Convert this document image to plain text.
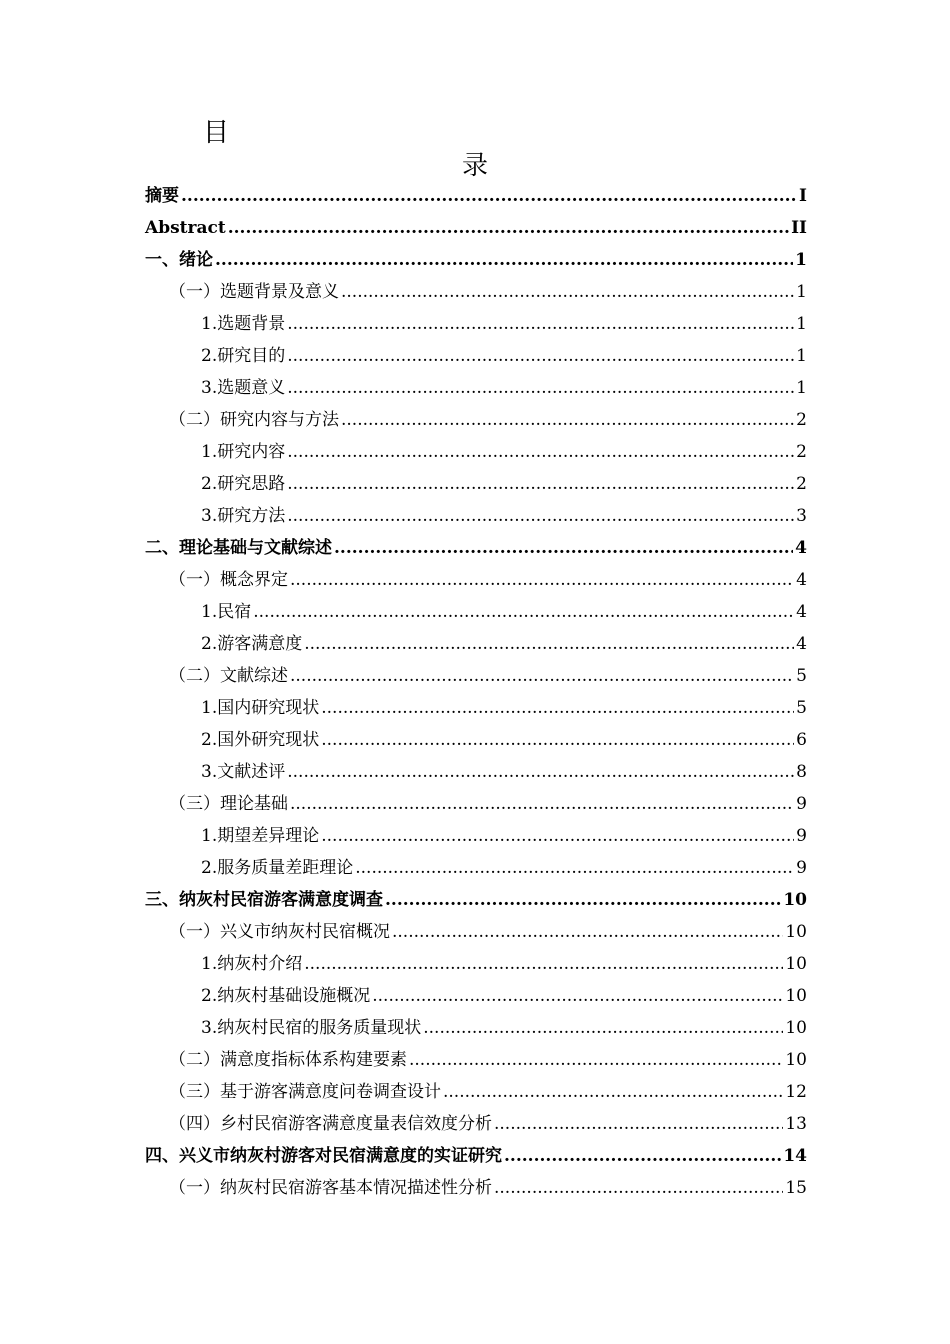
目
录
摘要 .....	I
Abstract .....	II
一、绪论 .....	1
（一）选题背景及意义 .....	1
1.选题背景 .....	1
2.研究目的 .....	1
3.选题意义 .....	1
（二）研究内容与方法 .....	2
1.研究内容 .....	2
2.研究思路 .....	2
3.研究方法 .....	3
二、理论基础与文献综述 .....	4
（一）概念界定 .....	4
1.民宿 .....	4
2.游客满意度 .....	4
（二）文献综述 .....	5
1.国内研究现状 .....	5
2.国外研究现状 .....	6
3.文献述评 .....	8
（三）理论基础 .....	9
1.期望差异理论 .....	9
2.服务质量差距理论 .....	9
三、纳灰村民宿游客满意度调查 .....	10
（一）兴义市纳灰村民宿概况 .....	10
1.纳灰村介绍 .....	10
2.纳灰村基础设施概况 .....	10
3.纳灰村民宿的服务质量现状 .....	10
（二）满意度指标体系构建要素 .....	10
（三）基于游客满意度问卷调查设计 .....	12
（四）乡村民宿游客满意度量表信效度分析 .....	13
四、兴义市纳灰村游客对民宿满意度的实证研究 .....	14
（一）纳灰村民宿游客基本情况描述性分析 .....	15
